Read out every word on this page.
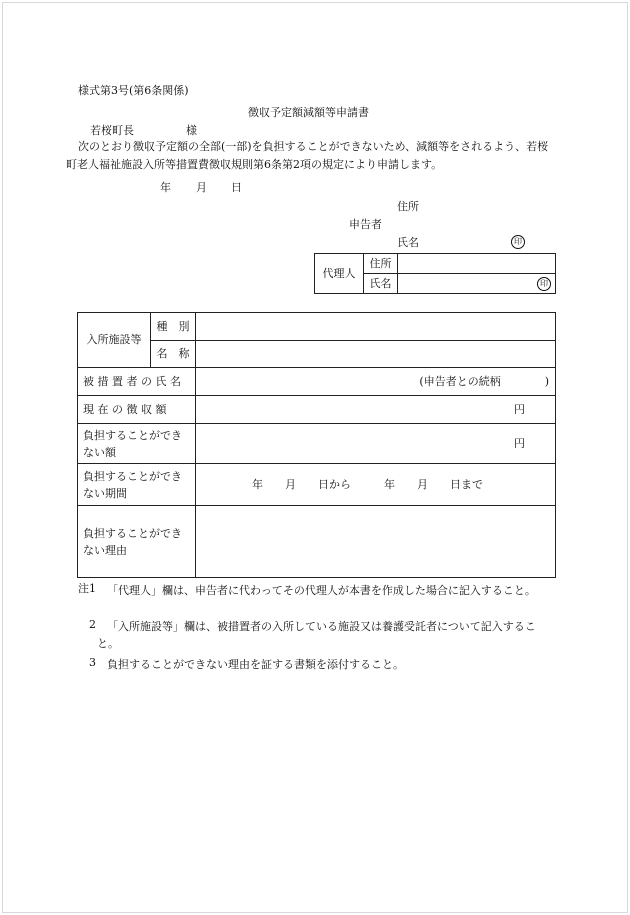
様式第3号(第6条関係)
徴収予定額減額等申請書
若桜町長	様
次のとおり徴収予定額の全部(一部)を負担することができないため、減額等をされるよう、若桜町老人福祉施設入所等措置費徴収規則第6条第2項の規定により申請します。
年 月 日
住所
申告者
氏名	印
代理人	住所	
	氏名	印
入所施設等	種　別	
	名　称	
被 措 置 者 の 氏 名		(申告者との続柄　　　　)
現 在 の 徴 収 額		円
負担することができない額		円
負担することができない期間		年　　月　　日から　　　年　　月　　日まで
負担することができない理由		
注1	「代理人」欄は、申告者に代わってその代理人が本書を作成した場合に記入すること。
2	「入所施設等」欄は、被措置者の入所している施設又は養護受託者について記入すること。
3	負担することができない理由を証する書類を添付すること。
